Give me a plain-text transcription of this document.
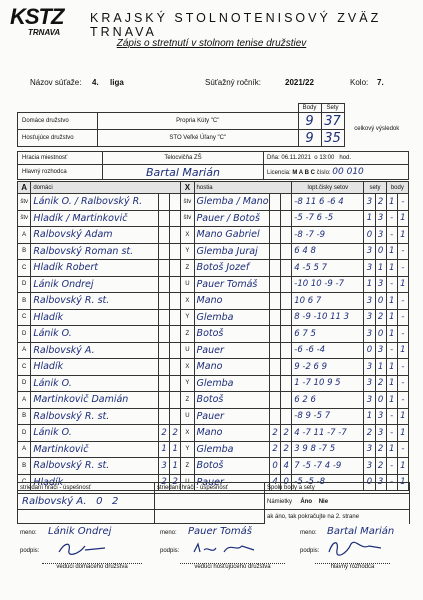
KSTZ
TRNAVA
KRAJSKÝ STOLNOTENISOVÝ ZVÄZ TRNAVA
Zápis o stretnutí v stolnom tenise družstiev
Názov súťaže: 4. liga	Súťažný ročník:	2021/22	Kolo: 7.
		Body	Sety	
Domáce družstvo	Propria Kúty "C"	9	37	celkový výsledok
Hosťujúce družstvo	STO Veľké Úľany "C"	9	35	
Hracia miestnosť	Telocvičňa ZŠ	Dňa: 06.11.2021 o 13:00 hod.
Hlavný rozhodca	Bartal Marián	Licencia: M A B C číslo: 00 010
A	domáci			X	hostia			lopt.čisky setov	sety		body	
štv	Lánik O. / Ralbovský R.			štv	Glemba / Mano			-8 11 6 -6 4	3	2	1	-
štv	Hladík / Martinkovič			štv	Pauer / Botoš			-5 -7 6 -5	1	3	-	1
A	Ralbovský Adam			X	Mano Gabriel			-8 -7 -9	0	3	-	1
B	Ralbovský Roman st.			Y	Glemba Juraj			6 4 8	3	0	1	-
C	Hladík Robert			Z	Botoš Jozef			4 -5 5 7	3	1	1	-
D	Lánik Ondrej			U	Pauer Tomáš			-10 10 -9 -7	1	3	-	1
B	Ralbovský R. st.			X	Mano			10 6 7	3	0	1	-
C	Hladík			Y	Glemba			8 -9 -10 11 3	3	2	1	-
D	Lánik O.			Z	Botoš			6 7 5	3	0	1	-
A	Ralbovský A.			U	Pauer			-6 -6 -4	0	3	-	1
C	Hladík			X	Mano			9 -2 6 9	3	1	1	-
D	Lánik O.			Y	Glemba			1 -7 10 9 5	3	2	1	-
A	Martinkovič Damián			Z	Botoš			6 2 6	3	0	1	-
B	Ralbovský R. st.			U	Pauer			-8 9 -5 7	1	3	-	1
D	Lánik O.	2	2	X	Mano	2	2	4 -7 11 -7 -7	2	3	-	1
A	Martinkovič	1	1	Y	Glemba	2	2	3 9 8 -7 5	3	2	1	-
B	Ralbovský R. st.	3	1	Z	Botoš	0	4	7 -5 -7 4 -9	3	2	-	1
C	Hladík	2	2	U	Pauer	4	0	-5 -5 -8	0	3	-	1
striedaní hráči - úspešnosť	striedaní hráči - úspešnosť	Spolu body a sety
Ralbovský A. 0 2		Námietky Áno Nie
		ak áno, tak pokračujte na 2. strane
meno: Lánik Ondrej
podpis:
vedúci domáceho družstva
meno: Pauer Tomáš
podpis:
vedúci hosťujúceho družstva
meno: Bartal Marián
podpis:
hlavný rozhodca
